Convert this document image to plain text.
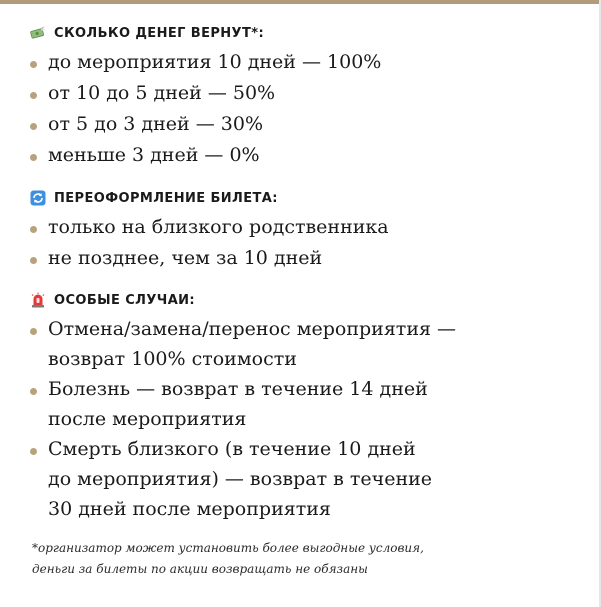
СКОЛЬКО ДЕНЕГ ВЕРНУТ*:
до мероприятия 10 дней — 100%
от 10 до 5 дней — 50%
от 5 до 3 дней — 30%
меньше 3 дней — 0%
ПЕРЕОФОРМЛЕНИЕ БИЛЕТА:
только на близкого родственника
не позднее, чем за 10 дней
ОСОБЫЕ СЛУЧАИ:
Отмена/замена/перенос мероприятия —
возврат 100% стоимости
Болезнь — возврат в течение 14 дней
после мероприятия
Смерть близкого (в течение 10 дней
до мероприятия) — возврат в течение
30 дней после мероприятия
*организатор может установить более выгодные условия,
деньги за билеты по акции возвращать не обязаны
